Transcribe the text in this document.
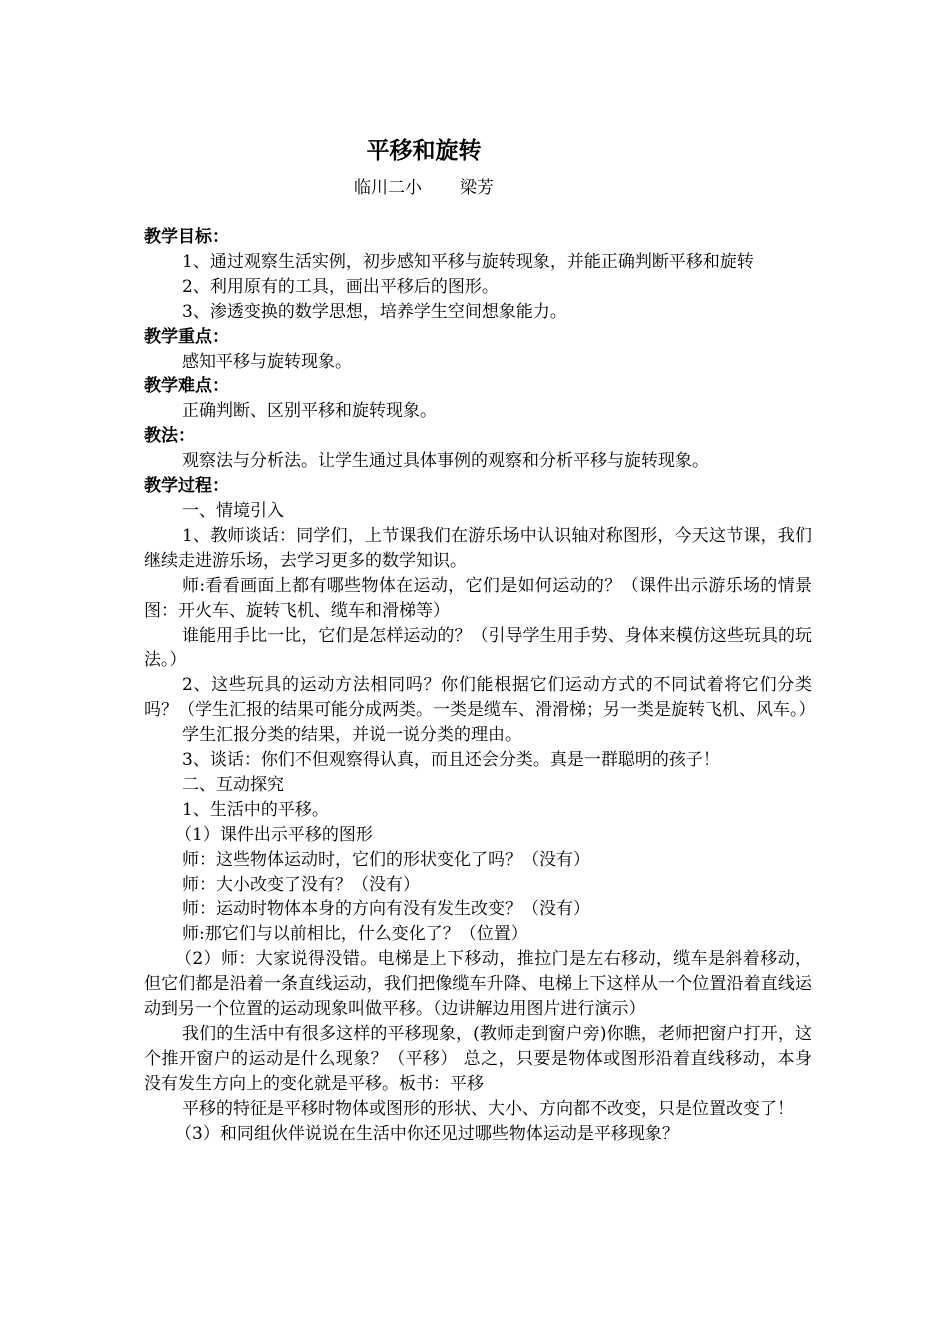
平移和旋转
临川二小 梁芳

教学目标：

1、通过观察生活实例，初步感知平移与旋转现象，并能正确判断平移和旋转

2、利用原有的工具，画出平移后的图形。

3、渗透变换的数学思想，培养学生空间想象能力。

教学重点：

感知平移与旋转现象。

教学难点：

正确判断、区别平移和旋转现象。

教法：

观察法与分析法。让学生通过具体事例的观察和分析平移与旋转现象。

教学过程：

一、情境引入

1、教师谈话：同学们，上节课我们在游乐场中认识轴对称图形，今天这节课，我们继续走进游乐场，去学习更多的数学知识。

师:看看画面上都有哪些物体在运动，它们是如何运动的？（课件出示游乐场的情景图：开火车、旋转飞机、缆车和滑梯等）

谁能用手比一比，它们是怎样运动的？（引导学生用手势、身体来模仿这些玩具的玩法。）

2、这些玩具的运动方法相同吗？你们能根据它们运动方式的不同试着将它们分类吗？（学生汇报的结果可能分成两类。一类是缆车、滑滑梯；另一类是旋转飞机、风车。）

学生汇报分类的结果，并说一说分类的理由。

3、谈话：你们不但观察得认真，而且还会分类。真是一群聪明的孩子！

二、互动探究

1、生活中的平移。

（1）课件出示平移的图形

师：这些物体运动时，它们的形状变化了吗？（没有）

师：大小改变了没有？（没有）

师：运动时物体本身的方向有没有发生改变？（没有）

师:那它们与以前相比，什么变化了？（位置）

（2）师：大家说得没错。电梯是上下移动，推拉门是左右移动，缆车是斜着移动，但它们都是沿着一条直线运动，我们把像缆车升降、电梯上下这样从一个位置沿着直线运动到另一个位置的运动现象叫做平移。（边讲解边用图片进行演示）

我们的生活中有很多这样的平移现象，(教师走到窗户旁)你瞧，老师把窗户打开，这个推开窗户的运动是什么现象？（平移） 总之，只要是物体或图形沿着直线移动，本身没有发生方向上的变化就是平移。板书：平移

平移的特征是平移时物体或图形的形状、大小、方向都不改变，只是位置改变了！

（3）和同组伙伴说说在生活中你还见过哪些物体运动是平移现象？
